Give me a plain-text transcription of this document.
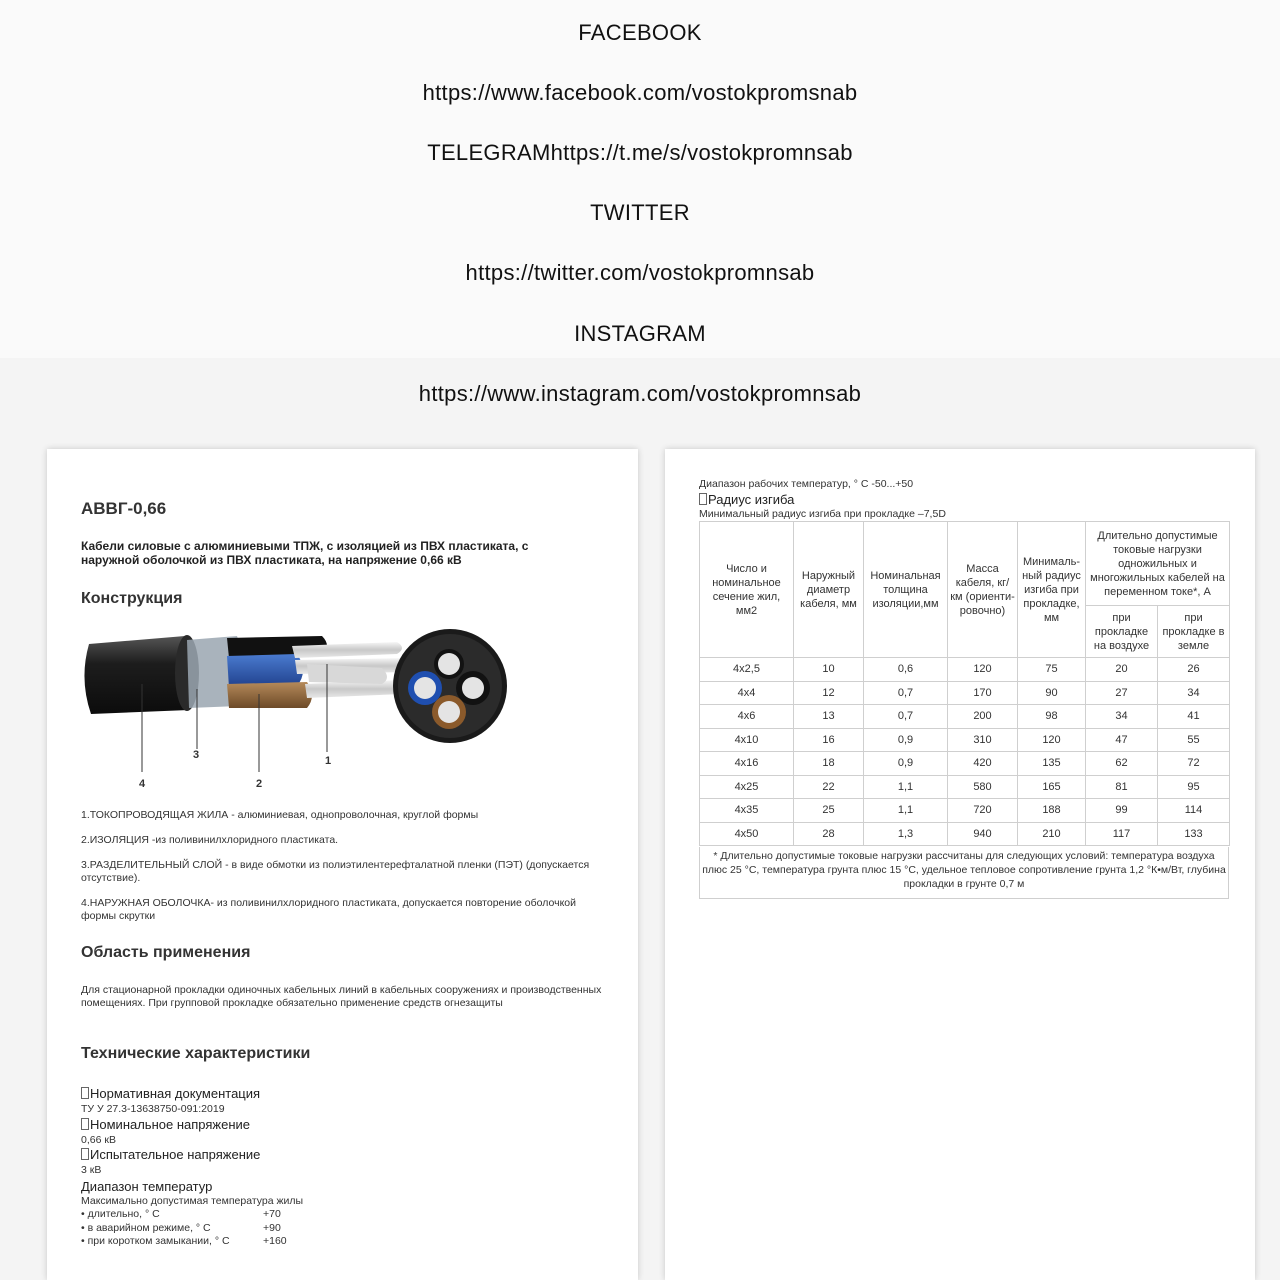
FACEBOOK
https://www.facebook.com/vostokpromsnab
TELEGRAMhttps://t.me/s/vostokpromnsab
TWITTER
https://twitter.com/vostokpromnsab
INSTAGRAM
https://www.instagram.com/vostokpromnsab
АВВГ-0,66
Кабели силовые с алюминиевыми ТПЖ, с изоляцией из ПВХ пластиката, с наружной оболочкой из ПВХ пластиката, на напряжение 0,66 кВ
Конструкция
4
3
2
1
1.ТОКОПРОВОДЯЩАЯ ЖИЛА - алюминиевая, однопроволочная, круглой формы
2.ИЗОЛЯЦИЯ -из поливинилхлоридного пластиката.
3.РАЗДЕЛИТЕЛЬНЫЙ СЛОЙ - в виде обмотки из полиэтилентерефталатной пленки (ПЭТ) (допускается отсутствие).
4.НАРУЖНАЯ ОБОЛОЧКА- из поливинилхлоридного пластиката, допускается повторение оболочкой формы скрутки
Область применения
Для стационарной прокладки одиночных кабельных линий в кабельных сооружениях и производственных помещениях. При групповой прокладке обязательно применение средств огнезащиты
Технические характеристики
Нормативная документация
ТУ У 27.3-13638750-091:2019
Номинальное напряжение
0,66 кВ
Испытательное напряжение
3 кВ
Диапазон температур
Максимально допустимая температура жилы
• длительно, ° С	+70
• в аварийном режиме, ° С	+90
• при коротком замыкании, ° С	+160
Диапазон рабочих температур, ° С -50...+50
Радиус изгиба
Минимальный радиус изгиба при прокладке –7,5D
Число и номинальное сечение жил, мм2	Наружный диаметр кабеля, мм	Номинальная толщина изоляции,мм	Масса кабеля, кг/км (ориенти-ровочно)	Минималь-ный радиус изгиба при прокладке, мм	Длительно допустимые токовые нагрузки одножильных и многожильных кабелей на переменном токе*, А	
					при прокладке на воздухе	при прокладке в земле
4х2,5	10	0,6	120	75	20	26
4х4	12	0,7	170	90	27	34
4х6	13	0,7	200	98	34	41
4х10	16	0,9	310	120	47	55
4х16	18	0,9	420	135	62	72
4х25	22	1,1	580	165	81	95
4х35	25	1,1	720	188	99	114
4х50	28	1,3	940	210	117	133
* Длительно допустимые токовые нагрузки рассчитаны для следующих условий: температура воздуха плюс 25 °С, температура грунта плюс 15 °С, удельное тепловое сопротивление грунта 1,2 °К•м/Вт, глубина прокладки в грунте 0,7 м
